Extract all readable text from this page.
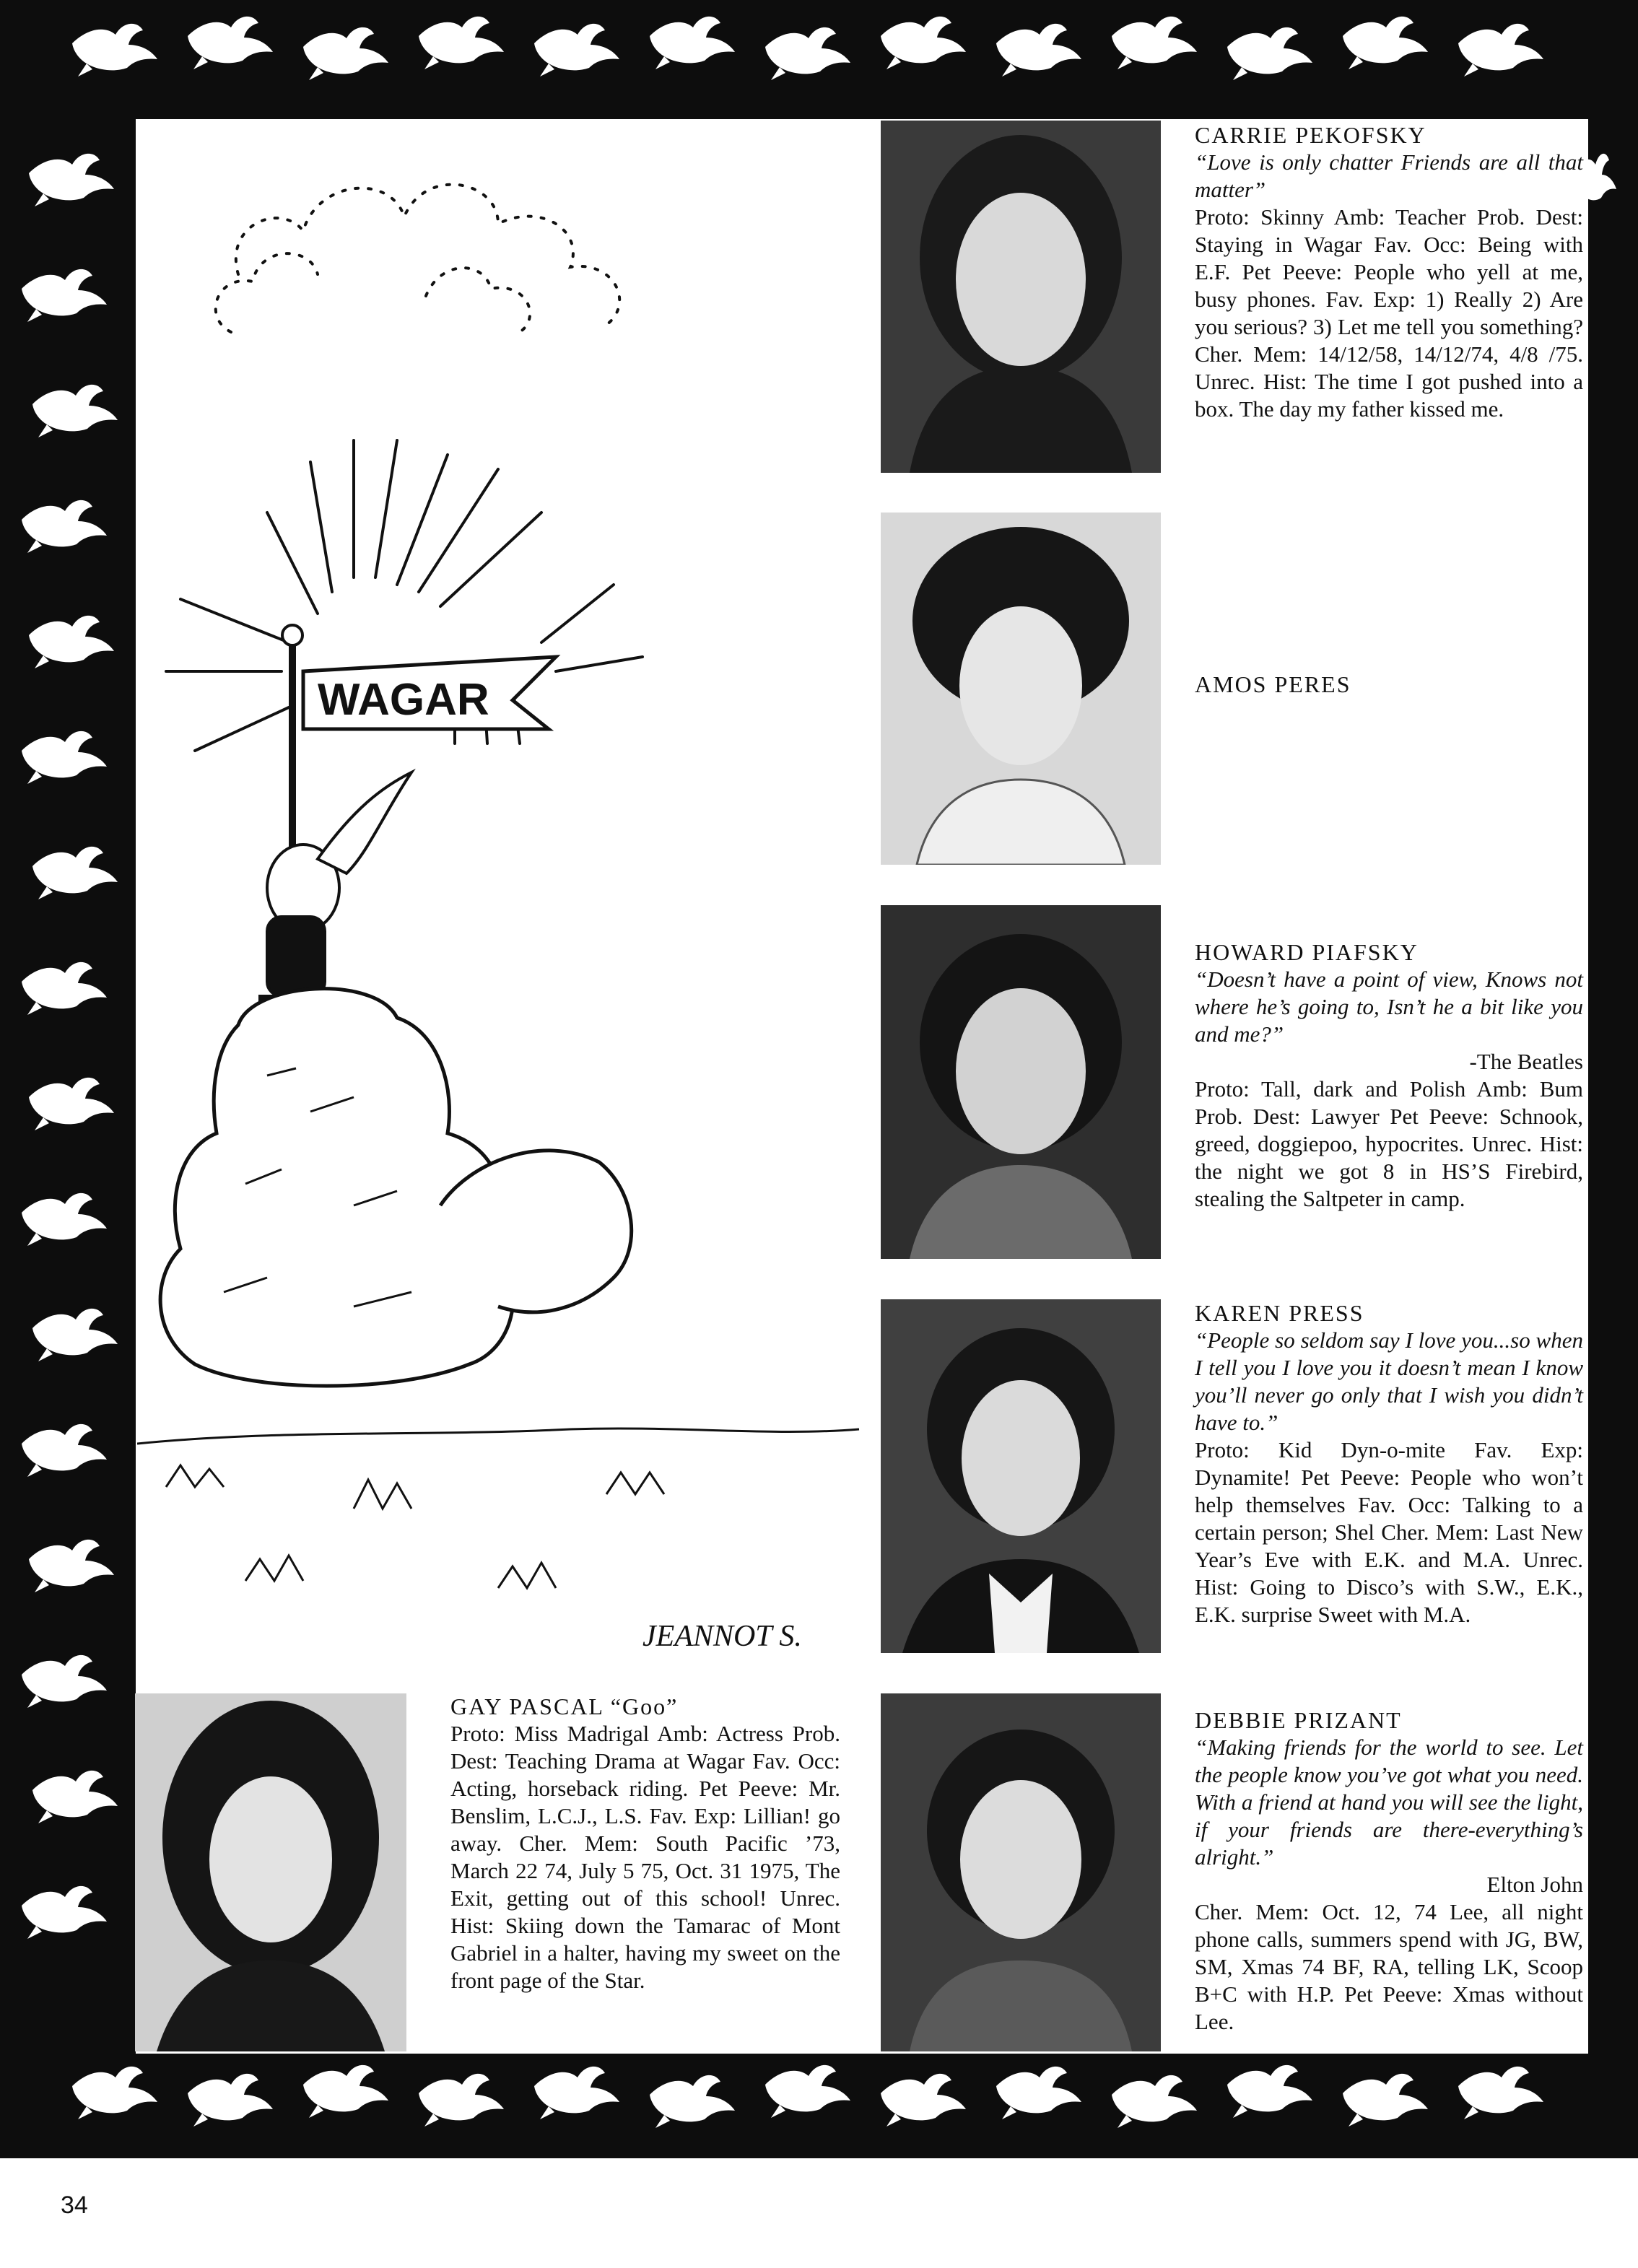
WAGAR
JEANNOT S.
CARRIE PEKOFSKY
“Love is only chatter Friends are all that matter”
Proto: Skinny Amb: Teacher Prob. Dest: Staying in Wagar Fav. Occ: Being with E.F. Pet Peeve: People who yell at me, busy phones. Fav. Exp: 1) Really 2) Are you serious? 3) Let me tell you something? Cher. Mem: 14/12/58, 14/12/74, 4/8 /75. Unrec. Hist: The time I got pushed into a box. The day my father kissed me.
AMOS PERES
HOWARD PIAFSKY
“Doesn’t have a point of view, Knows not where he’s going to, Isn’t he a bit like you and me?”
-The Beatles
Proto: Tall, dark and Polish Amb: Bum Prob. Dest: Lawyer Pet Peeve: Schnook, greed, doggiepoo, hypocrites. Unrec. Hist: the night we got 8 in HS’S Firebird, stealing the Saltpeter in camp.
KAREN PRESS
“People so seldom say I love you...so when I tell you I love you it doesn’t mean I know you’ll never go only that I wish you didn’t have to.”
Proto: Kid Dyn-o-mite Fav. Exp: Dynamite! Pet Peeve: People who won’t help themselves Fav. Occ: Talking to a certain person; Shel Cher. Mem: Last New Year’s Eve with E.K. and M.A. Unrec. Hist: Going to Disco’s with S.W., E.K., E.K. surprise Sweet with M.A.
GAY PASCAL “Goo”
Proto: Miss Madrigal Amb: Actress Prob. Dest: Teaching Drama at Wagar Fav. Occ: Acting, horseback riding. Pet Peeve: Mr. Benslim, L.C.J., L.S. Fav. Exp: Lillian! go away. Cher. Mem: South Pacific ’73, March 22 74, July 5 75, Oct. 31 1975, The Exit, getting out of this school! Unrec. Hist: Skiing down the Tamarac of Mont Gabriel in a halter, having my sweet on the front page of the Star.
DEBBIE PRIZANT
“Making friends for the world to see. Let the people know you’ve got what you need. With a friend at hand you will see the light, if your friends are there-everything’s alright.”
Elton John
Cher. Mem: Oct. 12, 74 Lee, all night phone calls, summers spend with JG, BW, SM, Xmas 74 BF, RA, telling LK, Scoop B+C with H.P. Pet Peeve: Xmas without Lee.
34
